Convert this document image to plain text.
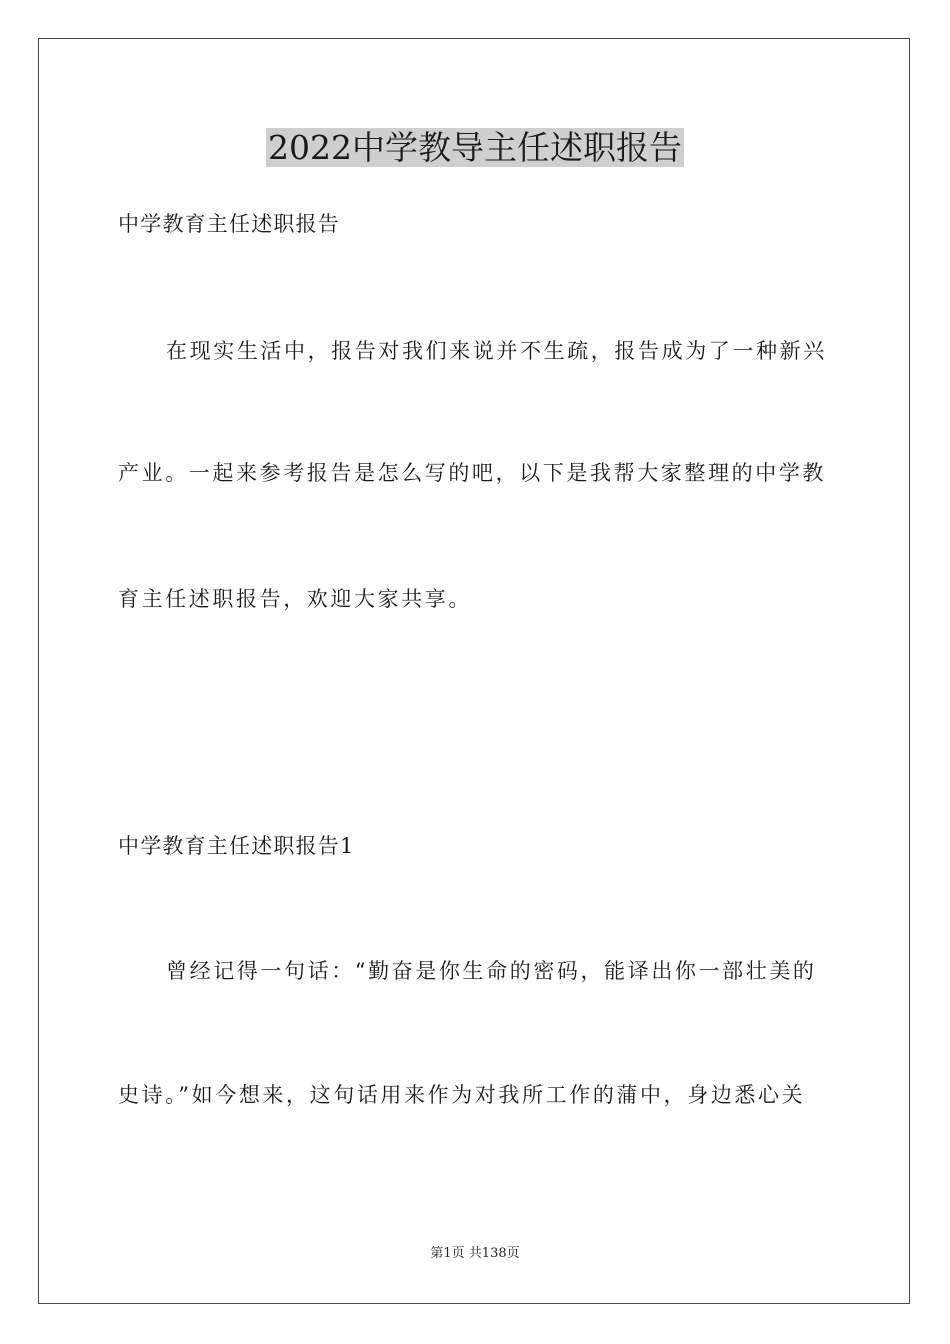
2022中学教导主任述职报告

中学教育主任述职报告

在现实生活中，报告对我们来说并不生疏，报告成为了一种新兴

产业。一起来参考报告是怎么写的吧，以下是我帮大家整理的中学教

育主任述职报告，欢迎大家共享。

中学教育主任述职报告1

曾经记得一句话：“勤奋是你生命的密码，能译出你一部壮美的

史诗。”如今想来，这句话用来作为对我所工作的蒲中，身边悉心关

第1页 共138页
